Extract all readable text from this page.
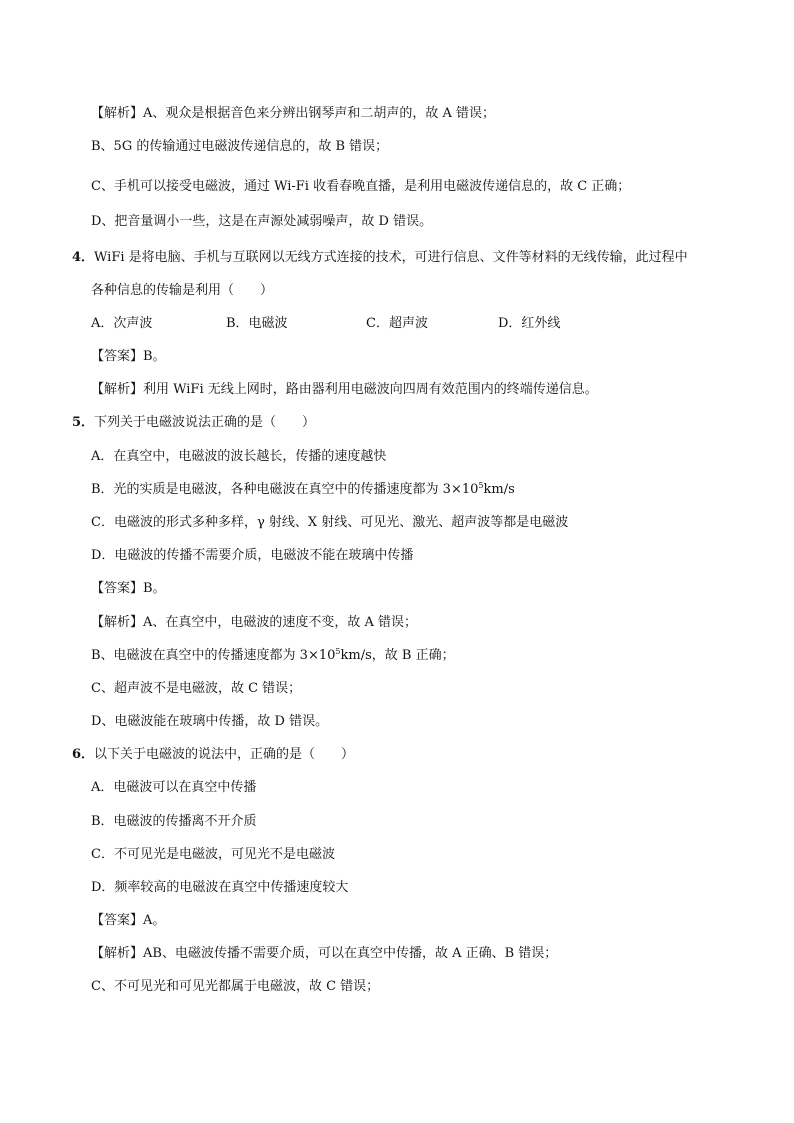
【解析】A、观众是根据音色来分辨出钢琴声和二胡声的，故 A 错误；
B、5G 的传输通过电磁波传递信息的，故 B 错误；
C、手机可以接受电磁波，通过 Wi-Fi 收看春晚直播，是利用电磁波传递信息的，故 C 正确；
D、把音量调小一些，这是在声源处减弱噪声，故 D 错误。
4．WiFi 是将电脑、手机与互联网以无线方式连接的技术，可进行信息、文件等材料的无线传输，此过程中
各种信息的传输是利用（　　）
A．次声波	B．电磁波	C．超声波	D．红外线
【答案】B。
【解析】利用 WiFi 无线上网时，路由器利用电磁波向四周有效范围内的终端传递信息。
5．下列关于电磁波说法正确的是（　　）
A．在真空中，电磁波的波长越长，传播的速度越快
B．光的实质是电磁波，各种电磁波在真空中的传播速度都为 $3\times 10^5km/s$
C．电磁波的形式多种多样，γ 射线、X 射线、可见光、激光、超声波等都是电磁波
D．电磁波的传播不需要介质，电磁波不能在玻璃中传播
【答案】B。
【解析】A、在真空中，电磁波的速度不变，故 A 错误；
B、电磁波在真空中的传播速度都为 $3\times 10^5km/s$，故 B 正确；
C、超声波不是电磁波，故 C 错误；
D、电磁波能在玻璃中传播，故 D 错误。
6．以下关于电磁波的说法中，正确的是（　　）
A．电磁波可以在真空中传播
B．电磁波的传播离不开介质
C．不可见光是电磁波，可见光不是电磁波
D．频率较高的电磁波在真空中传播速度较大
【答案】A。
【解析】AB、电磁波传播不需要介质，可以在真空中传播，故 A 正确、B 错误；
C、不可见光和可见光都属于电磁波，故 C 错误；
